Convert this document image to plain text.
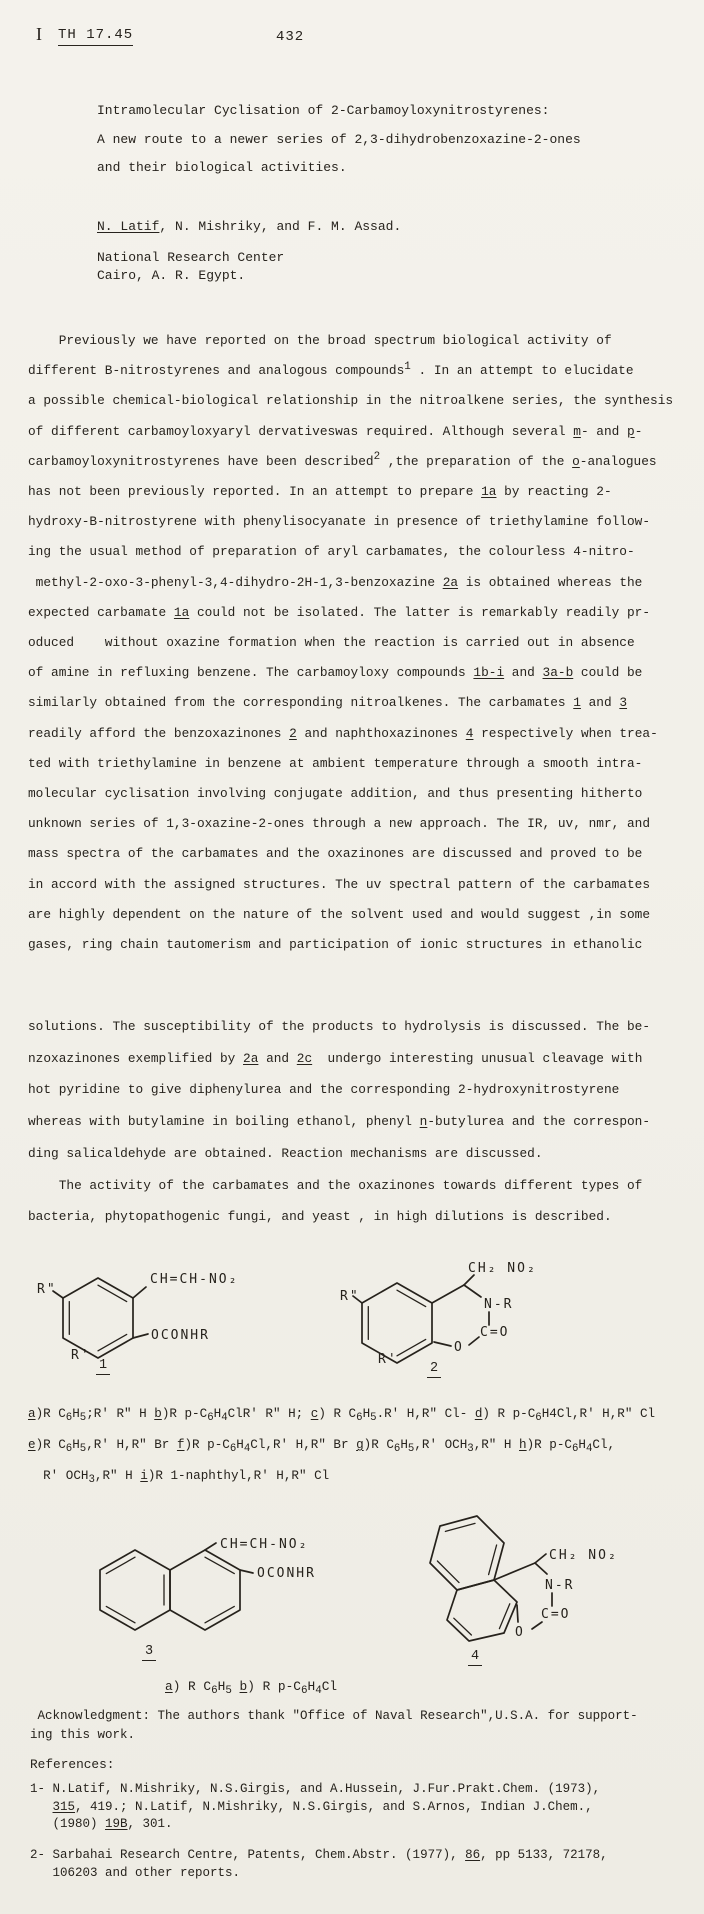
I TH 17.45	432
Intramolecular Cyclisation of 2-Carbamoyloxynitrostyrenes:
A new route to a newer series of 2,3-dihydrobenzoxazine-2-ones
and their biological activities.
N. Latif, N. Mishriky, and F. M. Assad.
National Research Center
Cairo, A. R. Egypt.
Previously we have reported on the broad spectrum biological activity of
different B-nitrostyrenes and analogous compounds$^1$ . In an attempt to elucidate
a possible chemical-biological relationship in the nitroalkene series, the synthesis
of different carbamoyloxyaryl dervativeswas required. Although several m- and p-
carbamoyloxynitrostyrenes have been described$^2$ ,the preparation of the o-analogues
has not been previously reported. In an attempt to prepare 1a by reacting 2-
hydroxy-B-nitrostyrene with phenylisocyanate in presence of triethylamine follow-
ing the usual method of preparation of aryl carbamates, the colourless 4-nitro-
methyl-2-oxo-3-phenyl-3,4-dihydro-2H-1,3-benzoxazine 2a is obtained whereas the
expected carbamate 1a could not be isolated. The latter is remarkably readily pr-
oduced    without oxazine formation when the reaction is carried out in absence
of amine in refluxing benzene. The carbamoyloxy compounds 1b-i and 3a-b could be
similarly obtained from the corresponding nitroalkenes. The carbamates 1 and 3
readily afford the benzoxazinones 2 and naphthoxazinones 4 respectively when trea-
ted with triethylamine in benzene at ambient temperature through a smooth intra-
molecular cyclisation involving conjugate addition, and thus presenting hitherto
unknown series of 1,3-oxazine-2-ones through a new approach. The IR, uv, nmr, and
mass spectra of the carbamates and the oxazinones are discussed and proved to be
in accord with the assigned structures. The uv spectral pattern of the carbamates
are highly dependent on the nature of the solvent used and would suggest ,in some
gases, ring chain tautomerism and participation of ionic structures in ethanolic
solutions. The susceptibility of the products to hydrolysis is discussed. The be-
nzoxazinones exemplified by 2a and 2c  undergo interesting unusual cleavage with
hot pyridine to give diphenylurea and the corresponding 2-hydroxynitrostyrene
whereas with butylamine in boiling ethanol, phenyl n-butylurea and the correspon-
ding salicaldehyde are obtained. Reaction mechanisms are discussed.
The activity of the carbamates and the oxazinones towards different types of
bacteria, phytopathogenic fungi, and yeast , in high dilutions is described.
CH=CH-NO₂
OCONHR
R"
R'
1
CH₂ NO₂
N-R
C=O
O
R"
R'
2
a)R $C_6H_5;R'$ R" H b)R $p-C_6H_4ClR'$ R" H; c) R $C_6H_5.R'$ H,R" Cl- d) R $p-C_6H4Cl,R'$ H,R" Cl
e)R $C_6H_5,R'$ H,R" Br f)R $p-C_6H_4Cl,R'$ H,R" Br g)R $C_6H_5,R'$ $OCH_3,R$" H h)R $p-C_6H_4Cl$,
R' $OCH_3,R$" H i)R 1-naphthyl,R' H,R" Cl
CH=CH-NO₂
OCONHR
3
CH₂ NO₂
N-R
C=O
O
4
a) R $C_6H_5$ b) R $p-C_6H_4Cl$
Acknowledgment: The authors thank "Office of Naval Research",U.S.A. for support-
ing this work.
References:
1- N.Latif, N.Mishriky, N.S.Girgis, and A.Hussein, J.Fur.Prakt.Chem. (1973),
315, 419.; N.Latif, N.Mishriky, N.S.Girgis, and S.Arnos, Indian J.Chem.,
(1980) 19B, 301.
2- Sarbahai Research Centre, Patents, Chem.Abstr. (1977), 86, pp 5133, 72178,
106203 and other reports.
